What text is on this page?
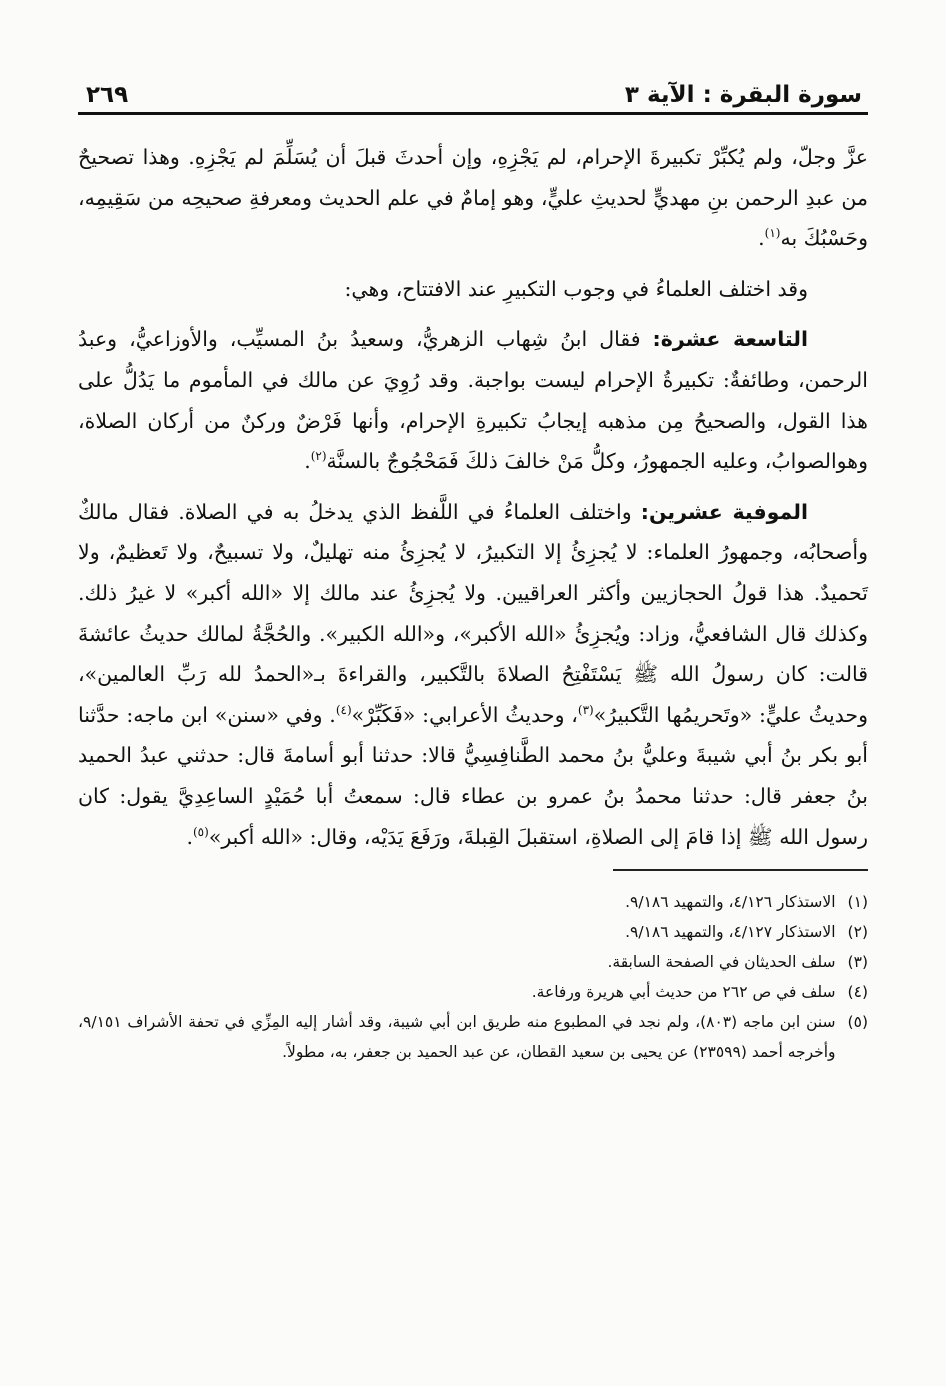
سورة البقرة : الآية ٣
٢٦٩

عزَّ وجلّ، ولم يُكبِّرْ تكبيرةَ الإحرام، لم يَجْزِهِ، وإن أحدثَ قبلَ أن يُسَلِّمَ لم يَجْزِهِ. وهذا تصحيحٌ من عبدِ الرحمن بنِ مهديٍّ لحديثِ عليٍّ، وهو إمامٌ في علم الحديث ومعرفةِ صحيحِه من سَقِيمِه، وحَسْبُكَ به$^{(١)}$.

وقد اختلف العلماءُ في وجوب التكبيرِ عند الافتتاح، وهي:

التاسعة عشرة: فقال ابنُ شِهاب الزهريُّ، وسعيدُ بنُ المسيِّب، والأوزاعيُّ، وعبدُ الرحمن، وطائفةٌ: تكبيرةُ الإحرام ليست بواجبة. وقد رُوِيَ عن مالك في المأموم ما يَدُلُّ على هذا القول، والصحيحُ مِن مذهبه إيجابُ تكبيرةِ الإحرام، وأنها فَرْضٌ وركنٌ من أركان الصلاة، وهوالصوابُ، وعليه الجمهورُ، وكلُّ مَنْ خالفَ ذلكَ فَمَحْجُوجٌ بالسنَّة$^{(٢)}$.

الموفية عشرين: واختلف العلماءُ في اللَّفظ الذي يدخلُ به في الصلاة. فقال مالكٌ وأصحابُه، وجمهورُ العلماء: لا يُجزِئُ إلا التكبيرُ، لا يُجزِئُ منه تهليلٌ، ولا تسبيحٌ، ولا تَعظيمٌ، ولا تَحميدٌ. هذا قولُ الحجازيين وأكثر العراقيين. ولا يُجزِئُ عند مالك إلا «الله أكبر» لا غيرُ ذلك. وكذلك قال الشافعيُّ، وزاد: ويُجزِئُ «الله الأكبر»، و«الله الكبير». والحُجَّةُ لمالك حديثُ عائشةَ قالت: كان رسولُ الله ﷺ يَسْتَفْتِحُ الصلاةَ بالتَّكبير، والقراءةَ بـ«الحمدُ لله رَبِّ العالمين»، وحديثُ عليٍّ: «وتَحريمُها التَّكبيرُ»$^{(٣)}$، وحديثُ الأعرابي: «فَكَبِّرْ»$^{(٤)}$. وفي «سنن» ابن ماجه: حدَّثنا أبو بكر بنُ أبي شيبةَ وعليُّ بنُ محمد الطَّنافِسِيُّ قالا: حدثنا أبو أسامةَ قال: حدثني عبدُ الحميد بنُ جعفر قال: حدثنا محمدُ بنُ عمرو بن عطاء قال: سمعتُ أبا حُمَيْدٍ الساعِدِيَّ يقول: كان رسول الله ﷺ إذا قامَ إلى الصلاةِ، استقبلَ القِبلةَ، ورَفَعَ يَدَيْه، وقال: «الله أكبر»$^{(٥)}$.

(١)
الاستذكار ٤/١٢٦، والتمهيد ٩/١٨٦.
(٢)
الاستذكار ٤/١٢٧، والتمهيد ٩/١٨٦.
(٣)
سلف الحديثان في الصفحة السابقة.
(٤)
سلف في ص ٢٦٢ من حديث أبي هريرة ورفاعة.
(٥)
سنن ابن ماجه (٨٠٣)، ولم نجد في المطبوع منه طريق ابن أبي شيبة، وقد أشار إليه المِزِّي في تحفة الأشراف ٩/١٥١، وأخرجه أحمد (٢٣٥٩٩) عن يحيى بن سعيد القطان، عن عبد الحميد بن جعفر، به، مطولاً.
